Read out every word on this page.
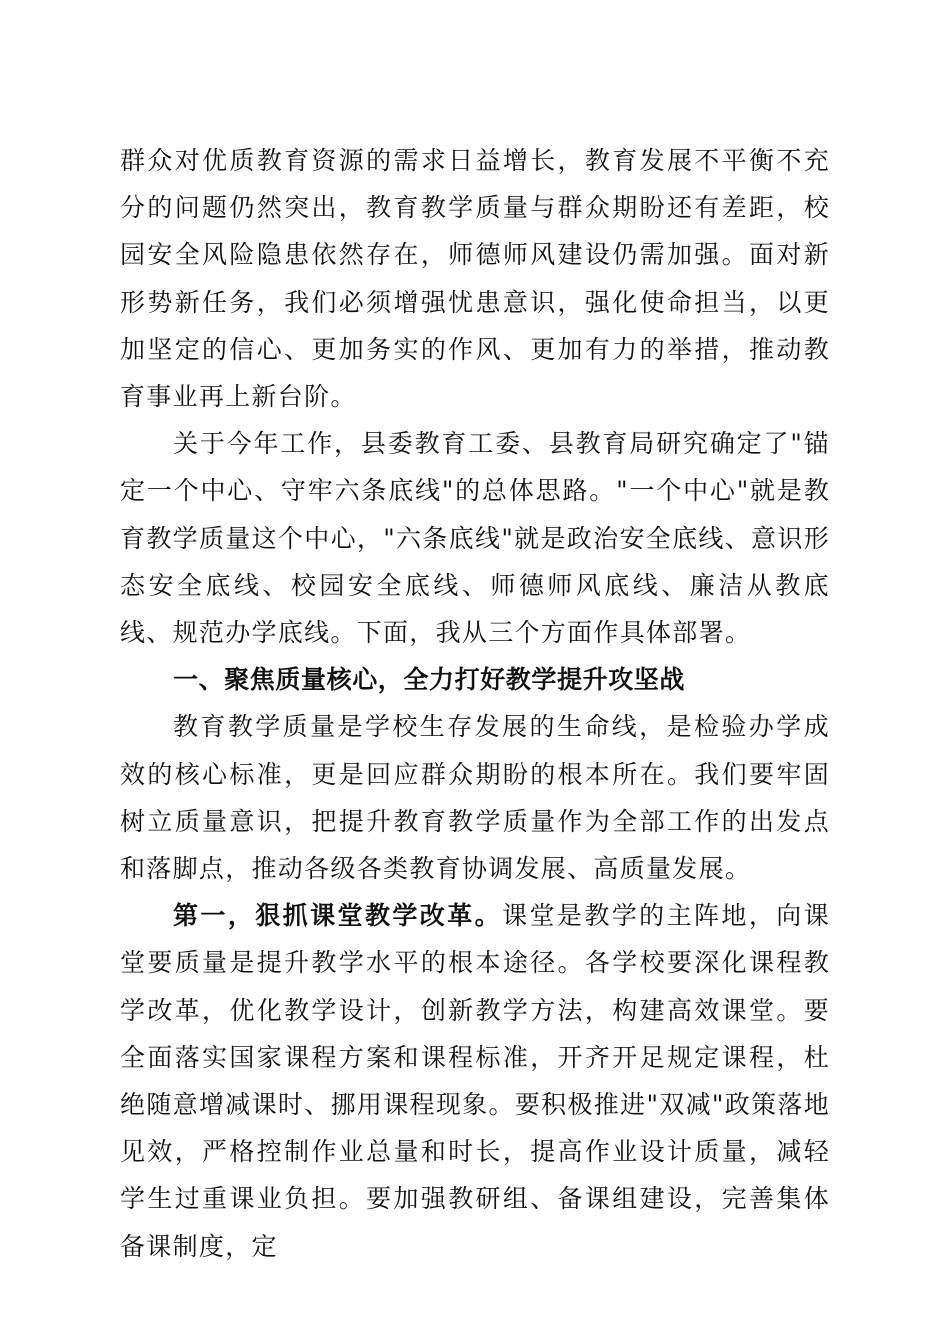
群众对优质教育资源的需求日益增长，教育发展不平衡不充分的问题仍然突出，教育教学质量与群众期盼还有差距，校园安全风险隐患依然存在，师德师风建设仍需加强。面对新形势新任务，我们必须增强忧患意识，强化使命担当，以更加坚定的信心、更加务实的作风、更加有力的举措，推动教育事业再上新台阶。

关于今年工作，县委教育工委、县教育局研究确定了"锚定一个中心、守牢六条底线"的总体思路。"一个中心"就是教育教学质量这个中心，"六条底线"就是政治安全底线、意识形态安全底线、校园安全底线、师德师风底线、廉洁从教底线、规范办学底线。下面，我从三个方面作具体部署。

一、聚焦质量核心，全力打好教学提升攻坚战

教育教学质量是学校生存发展的生命线，是检验办学成效的核心标准，更是回应群众期盼的根本所在。我们要牢固树立质量意识，把提升教育教学质量作为全部工作的出发点和落脚点，推动各级各类教育协调发展、高质量发展。

第一，狠抓课堂教学改革。课堂是教学的主阵地，向课堂要质量是提升教学水平的根本途径。各学校要深化课程教学改革，优化教学设计，创新教学方法，构建高效课堂。要全面落实国家课程方案和课程标准，开齐开足规定课程，杜绝随意增减课时、挪用课程现象。要积极推进"双减"政策落地见效，严格控制作业总量和时长，提高作业设计质量，减轻学生过重课业负担。要加强教研组、备课组建设，完善集体备课制度，定
